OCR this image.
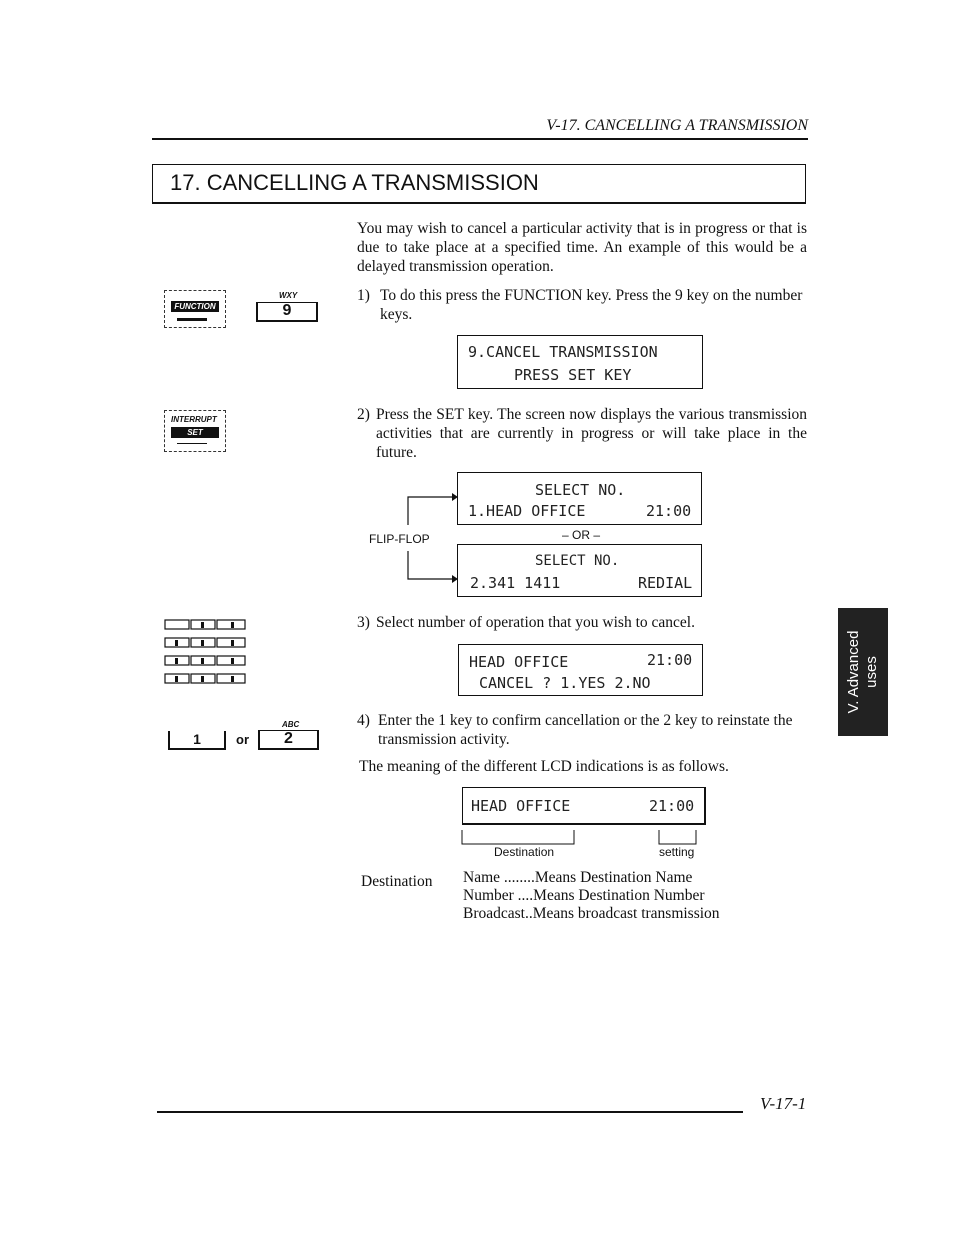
V-17. CANCELLING A TRANSMISSION
17. CANCELLING A TRANSMISSION
You may wish to cancel a particular activity that is in progress or that is due to take place at a specified time. An example of this would be a delayed transmission operation.
FUNCTION
WXY
9
1) To do this press the FUNCTION key. Press the 9 key on the number keys.
9.CANCEL TRANSMISSION
PRESS SET KEY
INTERRUPT
SET
2) Press the SET key. The screen now displays the various transmission activities that are currently in progress or will take place in the future.
FLIP-FLOP	– OR –
SELECT NO.
1.HEAD OFFICE	21:00
SELECT NO.
2.341 1411	REDIAL
3) Select number of operation that you wish to cancel.
HEAD OFFICE	21:00
CANCEL ? 1.YES 2.NO
1	or
ABC
2
4) Enter the 1 key to confirm cancellation or the 2 key to reinstate the transmission activity.
The meaning of the different LCD indications is as follows.
HEAD OFFICE	21:00
Destination	setting
Destination Name ........Means Destination Name
Number ....Means Destination Number
Broadcast..Means broadcast transmission
V. Advanced uses
V-17-1
